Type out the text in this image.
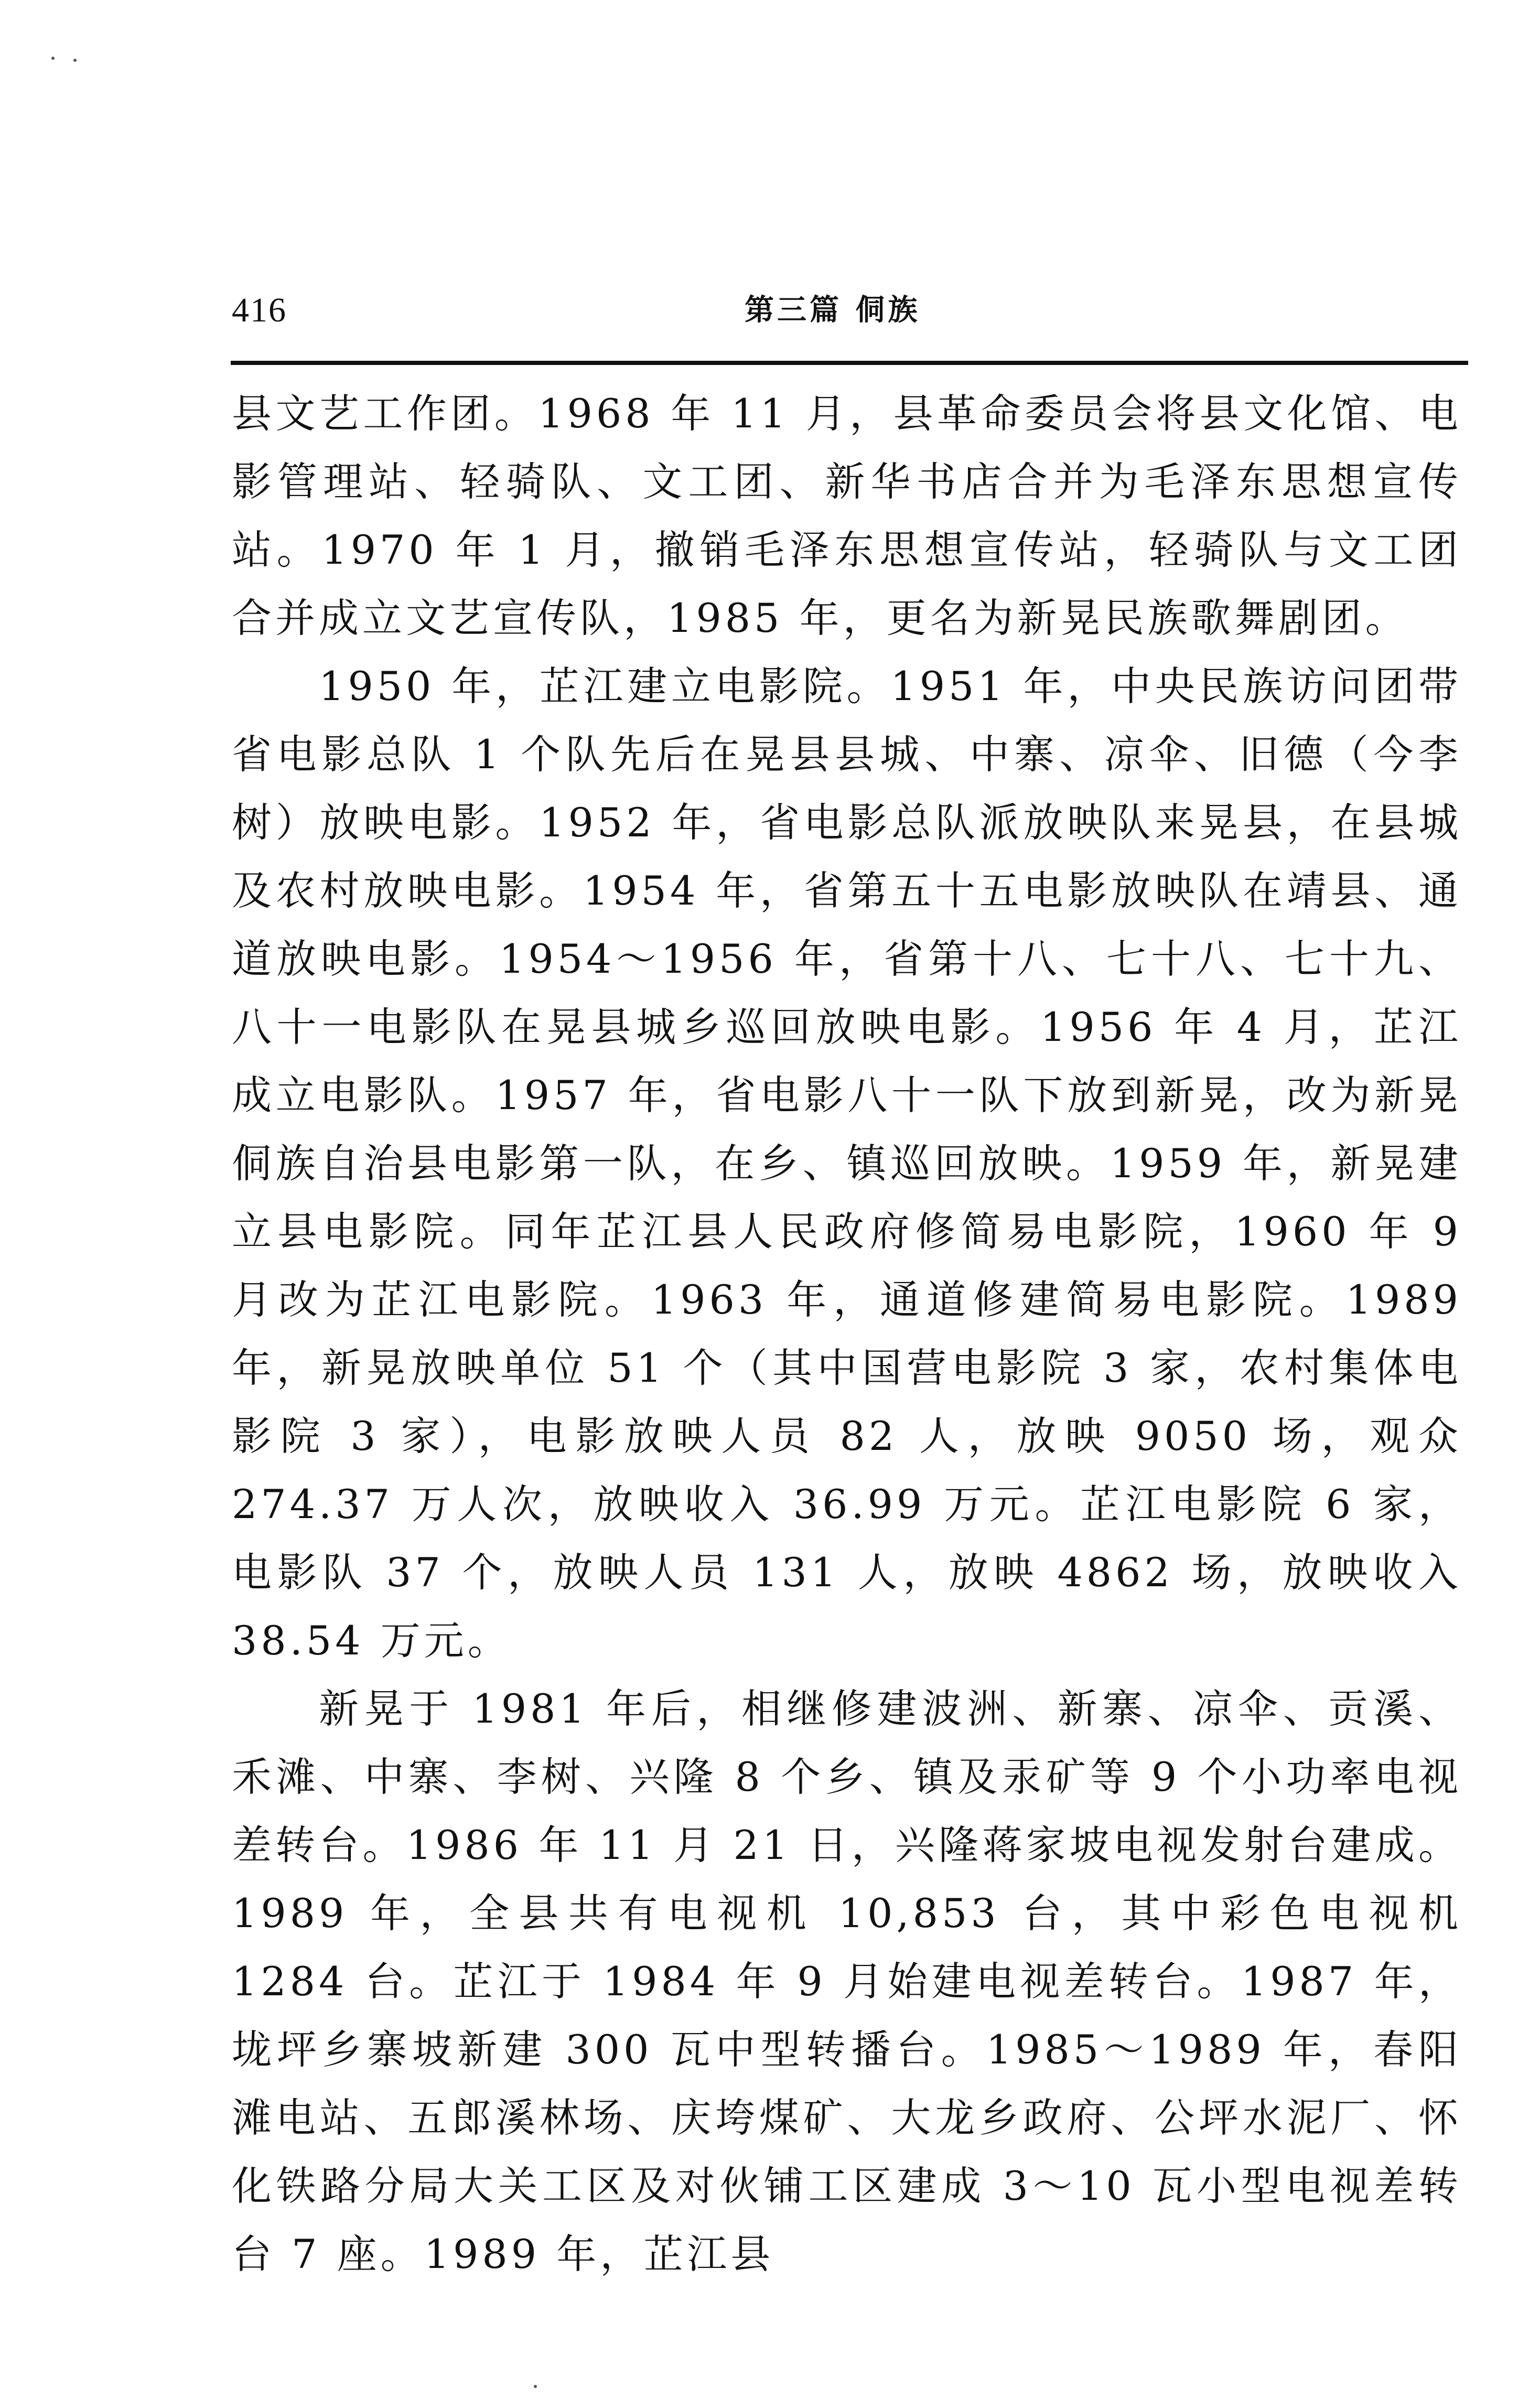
416	第三篇 侗族

县文艺工作团。1968 年 11 月，县革命委员会将县文化馆、电影管理站、轻骑队、文工团、新华书店合并为毛泽东思想宣传站。1970 年 1 月，撤销毛泽东思想宣传站，轻骑队与文工团合并成立文艺宣传队，1985 年，更名为新晃民族歌舞剧团。

1950 年，芷江建立电影院。1951 年，中央民族访问团带省电影总队 1 个队先后在晃县县城、中寨、凉伞、旧德（今李树）放映电影。1952 年，省电影总队派放映队来晃县，在县城及农村放映电影。1954 年，省第五十五电影放映队在靖县、通道放映电影。1954～1956 年，省第十八、七十八、七十九、八十一电影队在晃县城乡巡回放映电影。1956 年 4 月，芷江成立电影队。1957 年，省电影八十一队下放到新晃，改为新晃侗族自治县电影第一队，在乡、镇巡回放映。1959 年，新晃建立县电影院。同年芷江县人民政府修简易电影院，1960 年 9 月改为芷江电影院。1963 年，通道修建简易电影院。1989 年，新晃放映单位 51 个（其中国营电影院 3 家，农村集体电影院 3 家），电影放映人员 82 人，放映 9050 场，观众 274.37 万人次，放映收入 36.99 万元。芷江电影院 6 家，电影队 37 个，放映人员 131 人，放映 4862 场，放映收入 38.54 万元。

新晃于 1981 年后，相继修建波洲、新寨、凉伞、贡溪、禾滩、中寨、李树、兴隆 8 个乡、镇及汞矿等 9 个小功率电视差转台。1986 年 11 月 21 日，兴隆蒋家坡电视发射台建成。1989 年，全县共有电视机 10,853 台，其中彩色电视机 1284 台。芷江于 1984 年 9 月始建电视差转台。1987 年，垅坪乡寨坡新建 300 瓦中型转播台。1985～1989 年，春阳滩电站、五郎溪林场、庆垮煤矿、大龙乡政府、公坪水泥厂、怀化铁路分局大关工区及对伙铺工区建成 3～10 瓦小型电视差转台 7 座。1989 年，芷江县
